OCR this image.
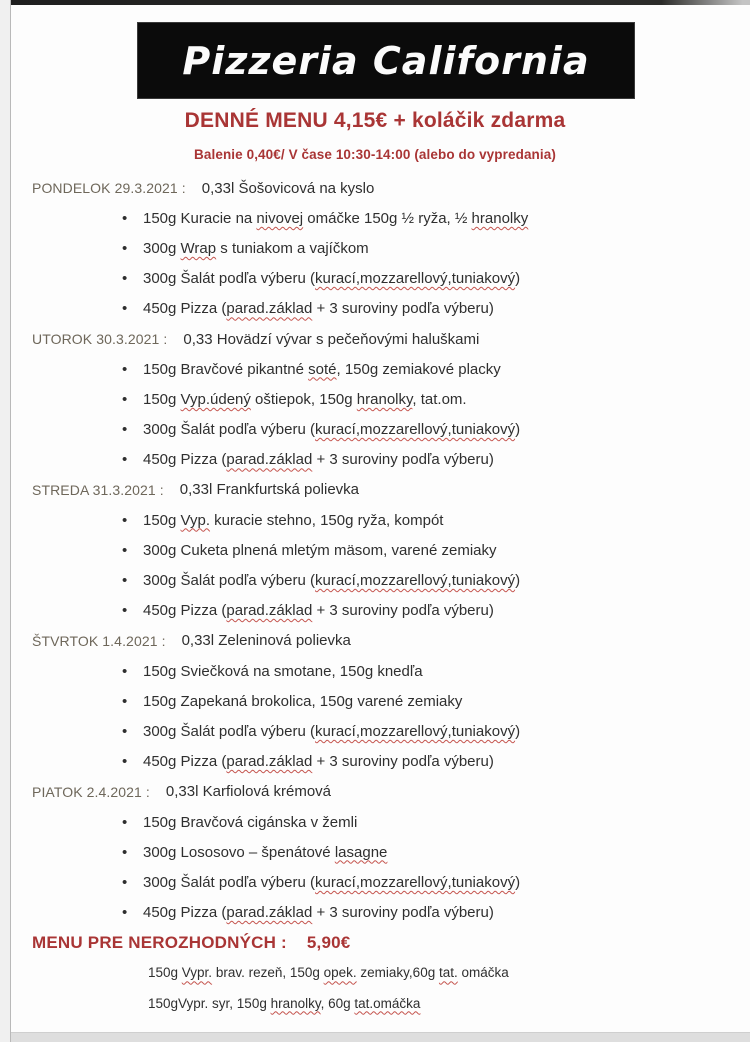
Pizzeria California
DENNÉ MENU 4,15€ + koláčik zdarma
Balenie 0,40€/ V čase 10:30-14:00 (alebo do vypredania)
PONDELOK 29.3.2021 : 0,33l Šošovicová na kyslo
•	150g Kuracie na nivovej omáčke 150g ½ ryža, ½ hranolky
•	300g Wrap s tuniakom a vajíčkom
•	300g Šalát podľa výberu (kurací,mozzarellový,tuniakový)
•	450g Pizza (parad.základ + 3 suroviny podľa výberu)
UTOROK 30.3.2021 : 0,33 Hovädzí vývar s pečeňovými haluškami
•	150g Bravčové pikantné soté, 150g zemiakové placky
•	150g Vyp.údený oštiepok, 150g hranolky, tat.om.
•	300g Šalát podľa výberu (kurací,mozzarellový,tuniakový)
•	450g Pizza (parad.základ + 3 suroviny podľa výberu)
STREDA 31.3.2021 : 0,33l Frankfurtská polievka
•	150g Vyp. kuracie stehno, 150g ryža, kompót
•	300g Cuketa plnená mletým mäsom, varené zemiaky
•	300g Šalát podľa výberu (kurací,mozzarellový,tuniakový)
•	450g Pizza (parad.základ + 3 suroviny podľa výberu)
ŠTVRTOK 1.4.2021 : 0,33l Zeleninová polievka
•	150g Sviečková na smotane, 150g knedľa
•	150g Zapekaná brokolica, 150g varené zemiaky
•	300g Šalát podľa výberu (kurací,mozzarellový,tuniakový)
•	450g Pizza (parad.základ + 3 suroviny podľa výberu)
PIATOK 2.4.2021 : 0,33l Karfiolová krémová
•	150g Bravčová cigánska v žemli
•	300g Lososovo – špenátové lasagne
•	300g Šalát podľa výberu (kurací,mozzarellový,tuniakový)
•	450g Pizza (parad.základ + 3 suroviny podľa výberu)
MENU PRE NEROZHODNÝCH : 5,90€
150g Vypr. brav. rezeň, 150g opek. zemiaky,60g tat. omáčka
150gVypr. syr, 150g hranolky, 60g tat.omáčka
